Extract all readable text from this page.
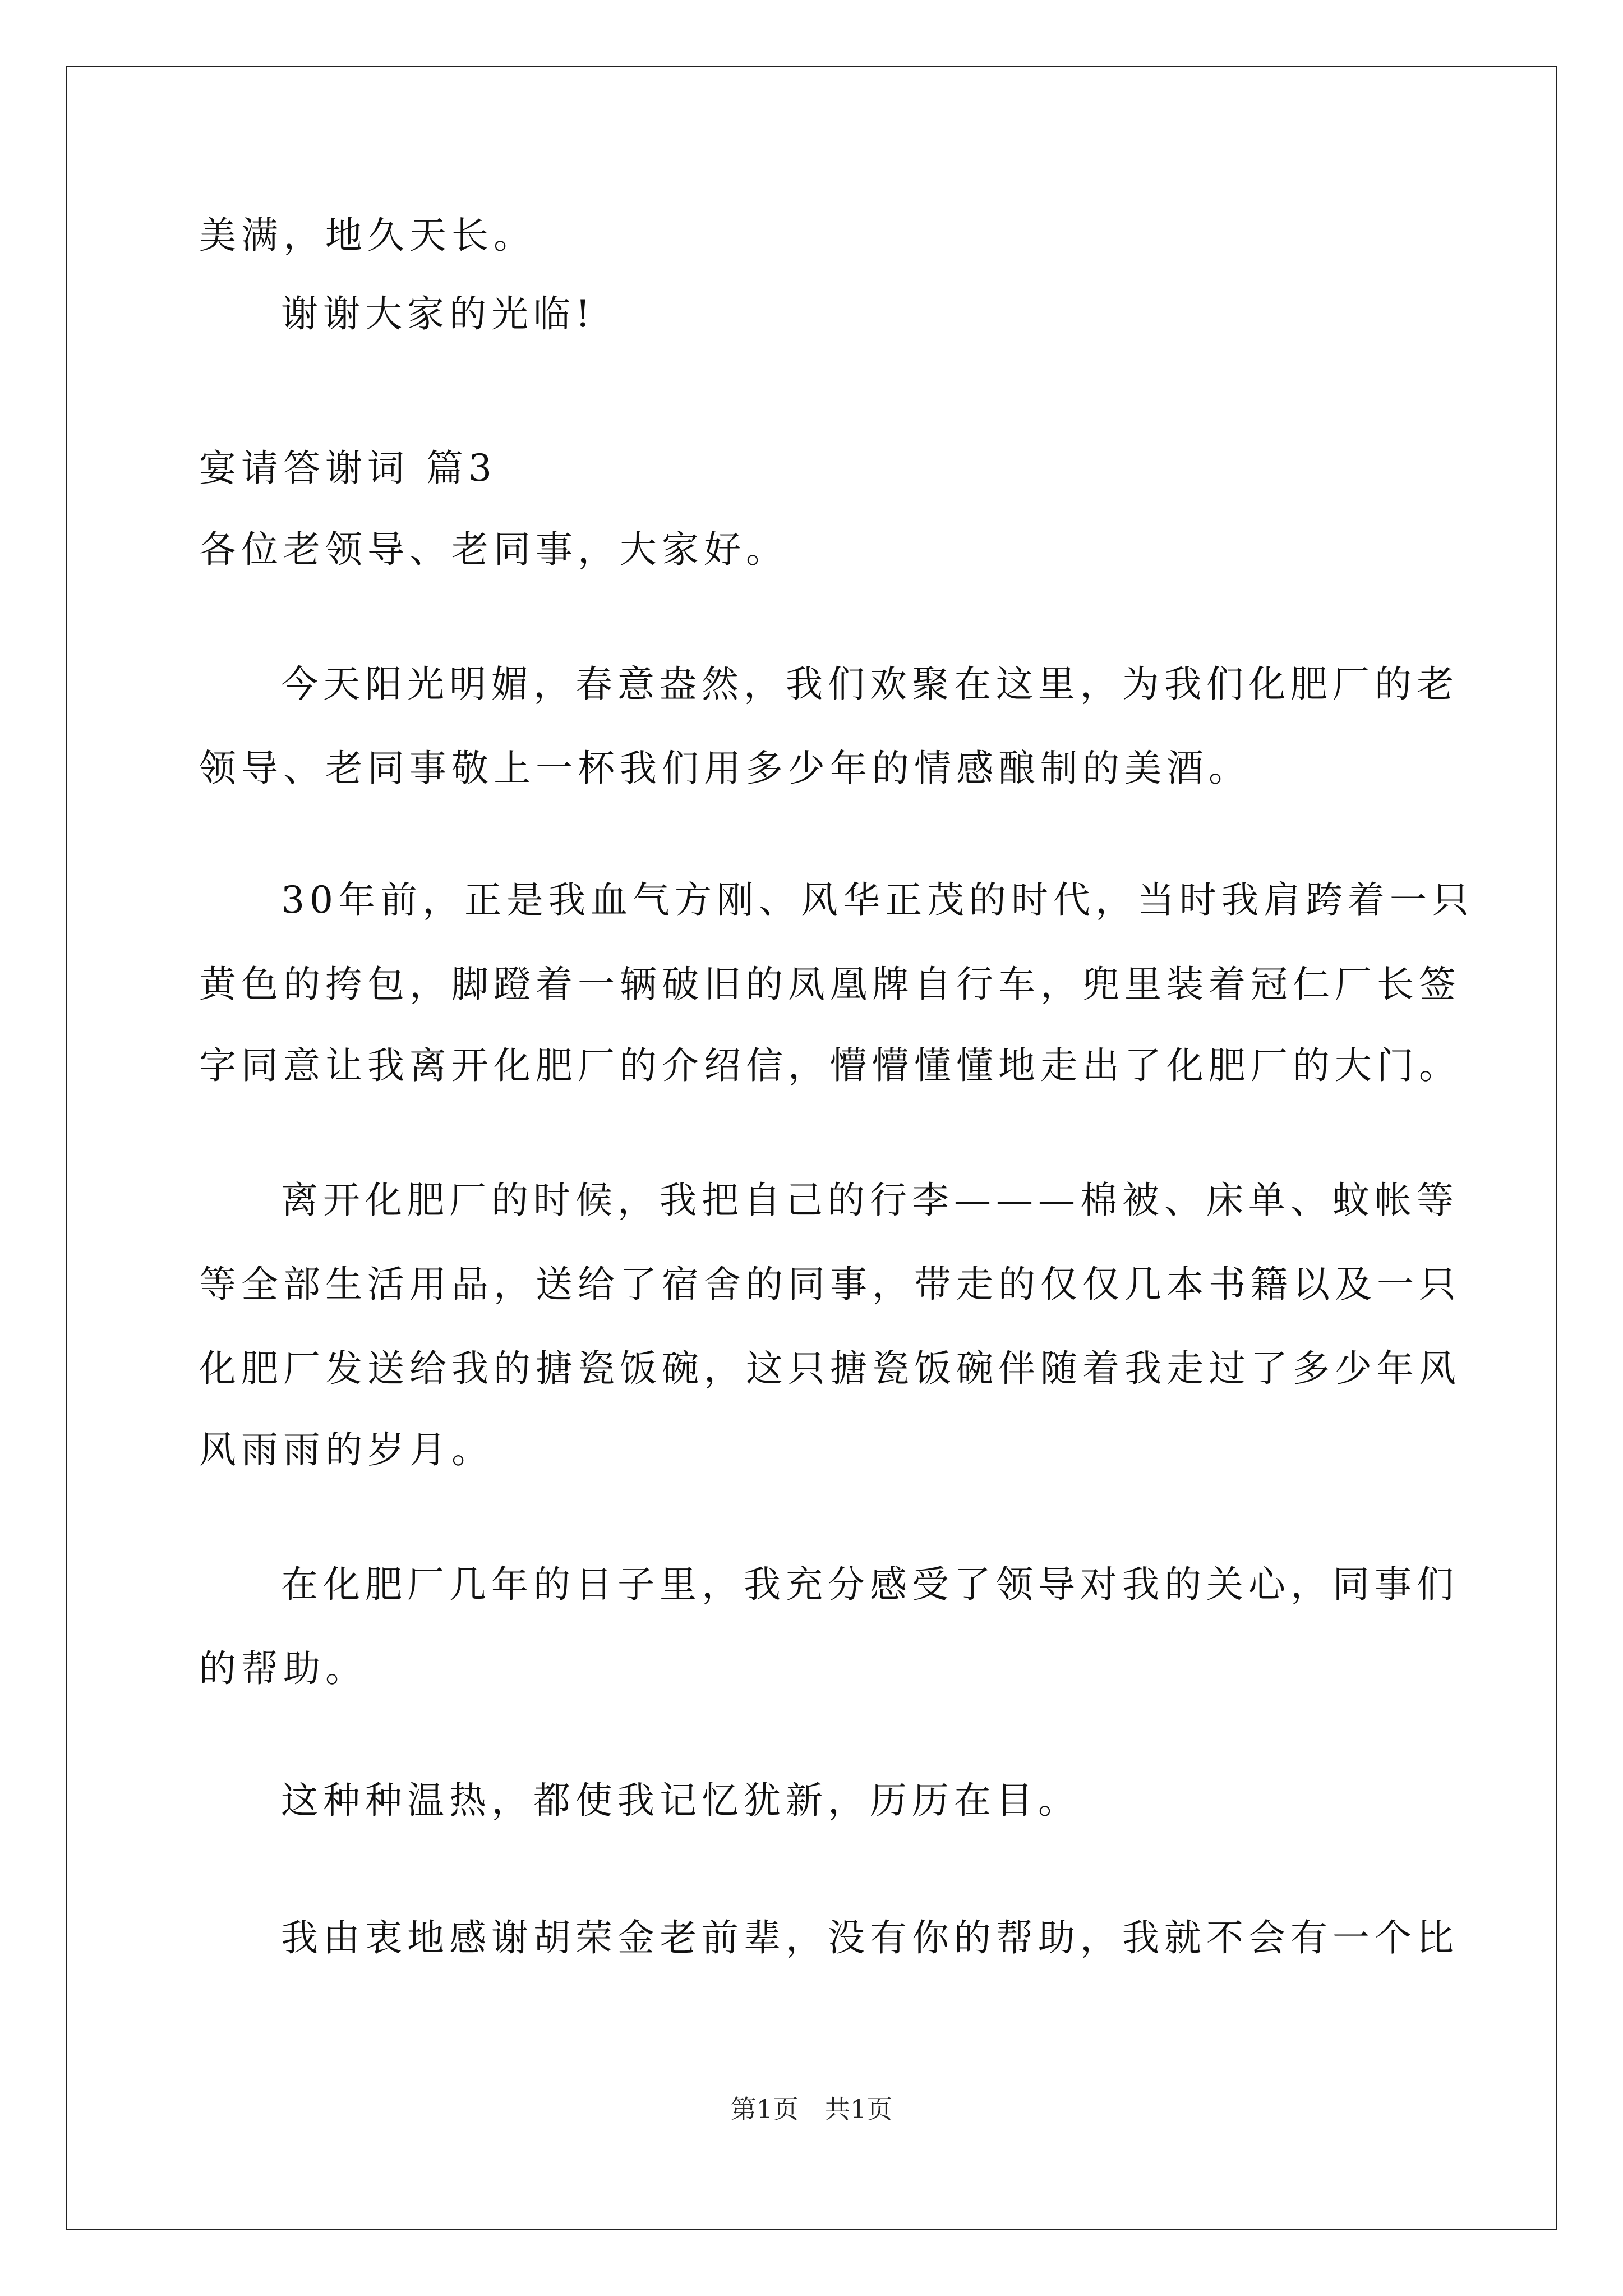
美满，地久天长。
谢谢大家的光临!
宴请答谢词 篇3
各位老领导、老同事，大家好。
今天阳光明媚，春意盎然，我们欢聚在这里，为我们化肥厂的老
领导、老同事敬上一杯我们用多少年的情感酿制的美酒。
30年前，正是我血气方刚、风华正茂的时代，当时我肩跨着一只
黄色的挎包，脚蹬着一辆破旧的凤凰牌自行车，兜里装着冠仁厂长签
字同意让我离开化肥厂的介绍信，懵懵懂懂地走出了化肥厂的大门。
离开化肥厂的时候，我把自己的行李———棉被、床单、蚊帐等
等全部生活用品，送给了宿舍的同事，带走的仅仅几本书籍以及一只
化肥厂发送给我的搪瓷饭碗，这只搪瓷饭碗伴随着我走过了多少年风
风雨雨的岁月。
在化肥厂几年的日子里，我充分感受了领导对我的关心，同事们
的帮助。
这种种温热，都使我记忆犹新，历历在目。
我由衷地感谢胡荣金老前辈，没有你的帮助，我就不会有一个比
第1页　共1页
